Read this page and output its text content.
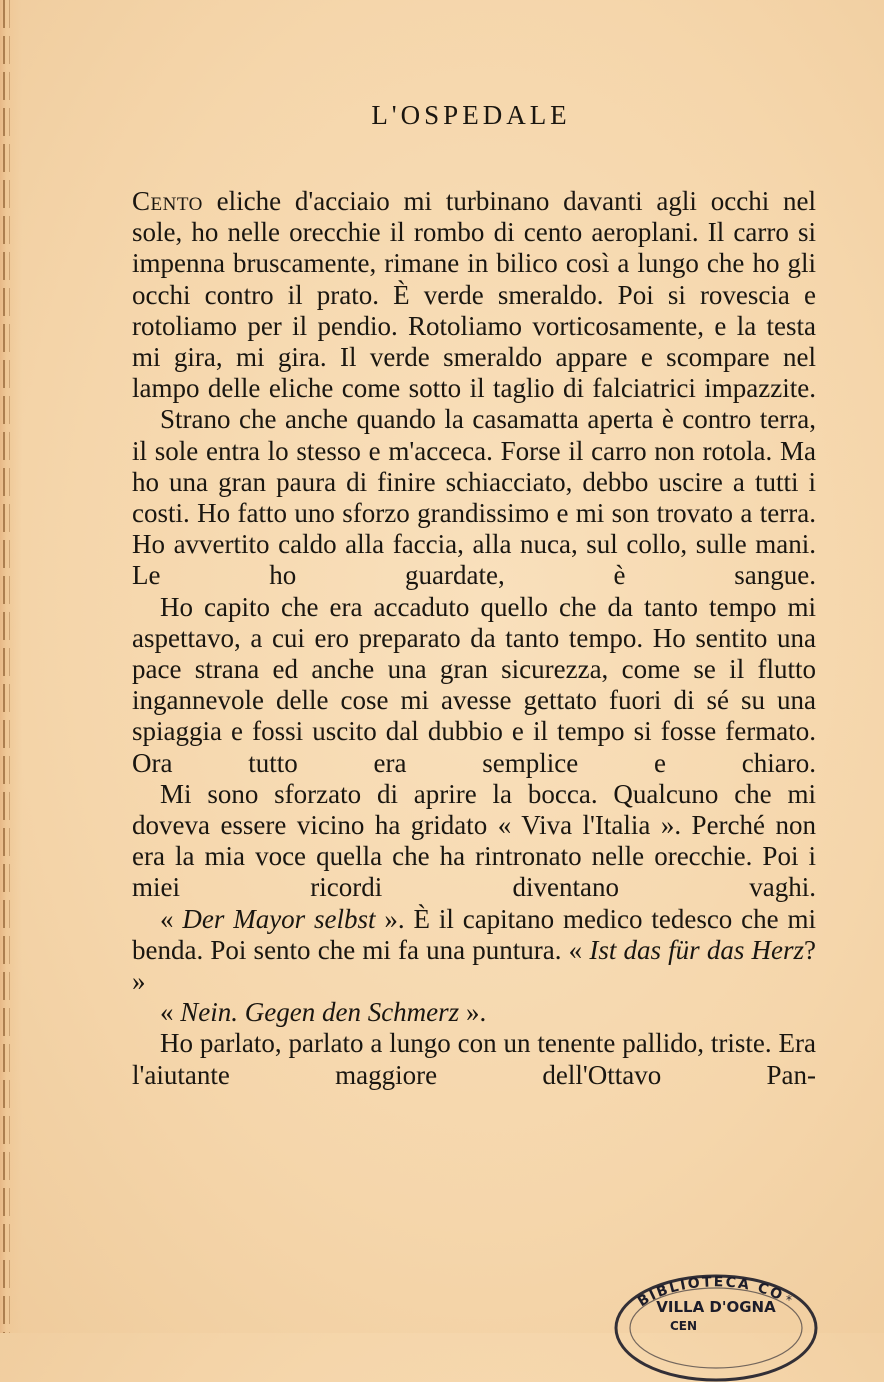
L'OSPEDALE

Cento eliche d'acciaio mi turbinano davanti agli occhi nel sole, ho nelle orecchie il rombo di cento aeroplani. Il carro si impenna bruscamente, rimane in bilico così a lungo che ho gli occhi contro il prato. È verde smeraldo. Poi si rovescia e rotoliamo per il pendio. Rotoliamo vorticosamente, e la testa mi gira, mi gira. Il verde smeraldo appare e scompare nel lampo delle eliche come sotto il taglio di falciatrici impazzite.

Strano che anche quando la casamatta aperta è contro terra, il sole entra lo stesso e m'acceca. Forse il carro non rotola. Ma ho una gran paura di finire schiacciato, debbo uscire a tutti i costi. Ho fatto uno sforzo grandissimo e mi son trovato a terra. Ho avvertito caldo alla faccia, alla nuca, sul collo, sulle mani. Le ho guardate, è sangue.

Ho capito che era accaduto quello che da tanto tempo mi aspettavo, a cui ero preparato da tanto tempo. Ho sentito una pace strana ed anche una gran sicurezza, come se il flutto ingannevole delle cose mi avesse gettato fuori di sé su una spiaggia e fossi uscito dal dubbio e il tempo si fosse fermato. Ora tutto era semplice e chiaro.

Mi sono sforzato di aprire la bocca. Qualcuno che mi doveva essere vicino ha gridato « Viva l'Italia ». Perché non era la mia voce quella che ha rintronato nelle orecchie. Poi i miei ricordi diventano vaghi.

« Der Mayor selbst ». È il capitano medico tedesco che mi benda. Poi sento che mi fa una puntura. « Ist das für das Herz? »

« Nein. Gegen den Schmerz ».

Ho parlato, parlato a lungo con un tenente pallido, triste. Era l'aiutante maggiore dell'Ottavo Pan-

BIBLIOTECA CO
VILLA D'OGNA
CEN
*
